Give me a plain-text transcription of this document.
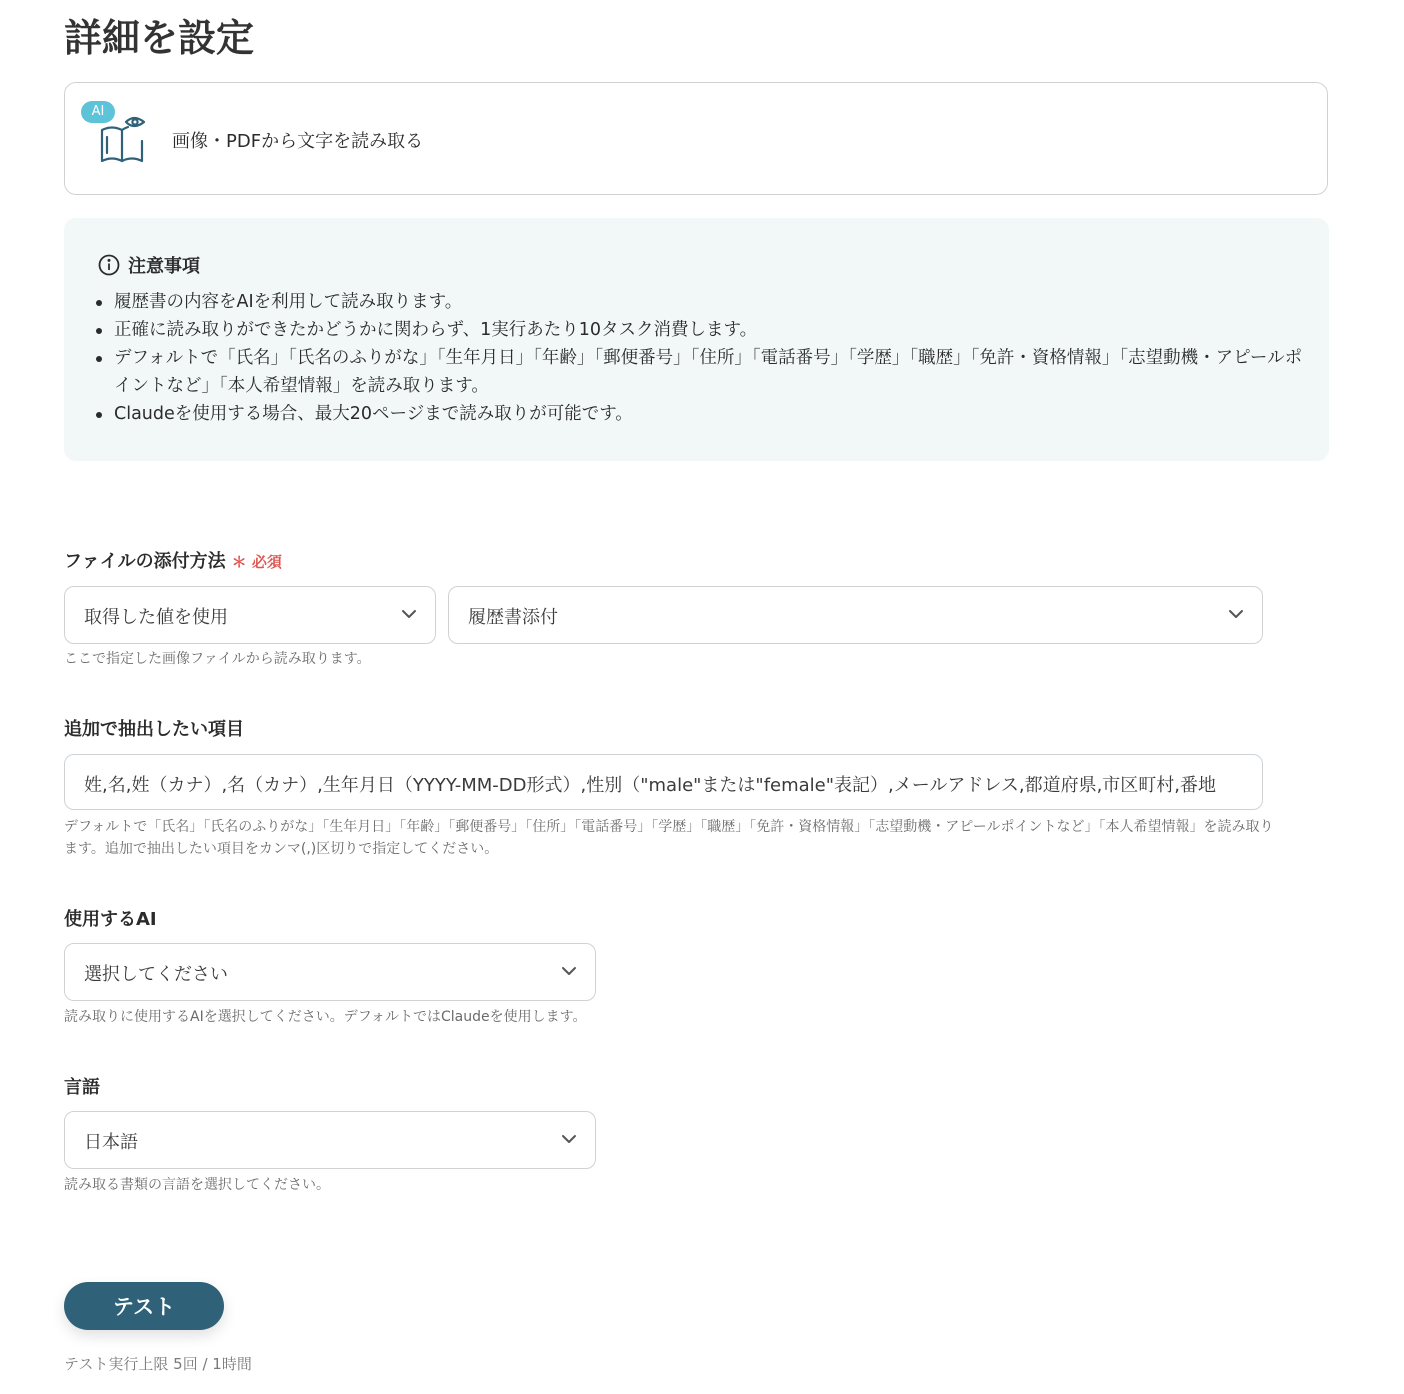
詳細を設定
AI
画像・PDFから文字を読み取る
注意事項
履歴書の内容をAIを利用して読み取ります。
正確に読み取りができたかどうかに関わらず、1実行あたり10タスク消費します。
デフォルトで「氏名」「氏名のふりがな」「生年月日」「年齢」「郵便番号」「住所」「電話番号」「学歴」「職歴」「免許・資格情報」「志望動機・アピールポイントなど」「本人希望情報」を読み取ります。
Claudeを使用する場合、最大20ページまで読み取りが可能です。
ファイルの添付方法 ＊ 必須
取得した値を使用	履歴書添付
ここで指定した画像ファイルから読み取ります。
追加で抽出したい項目
姓,名,姓（カナ）,名（カナ）,生年月日（YYYY-MM-DD形式）,性別（"male"または"female"表記）,メールアドレス,都道府県,市区町村,番地
デフォルトで「氏名」「氏名のふりがな」「生年月日」「年齢」「郵便番号」「住所」「電話番号」「学歴」「職歴」「免許・資格情報」「志望動機・アピールポイントなど」「本人希望情報」を読み取り
ます。追加で抽出したい項目をカンマ(,)区切りで指定してください。
使用するAI
選択してください
読み取りに使用するAIを選択してください。デフォルトではClaudeを使用します。
言語
日本語
読み取る書類の言語を選択してください。
テスト
テスト実行上限 5回 / 1時間
